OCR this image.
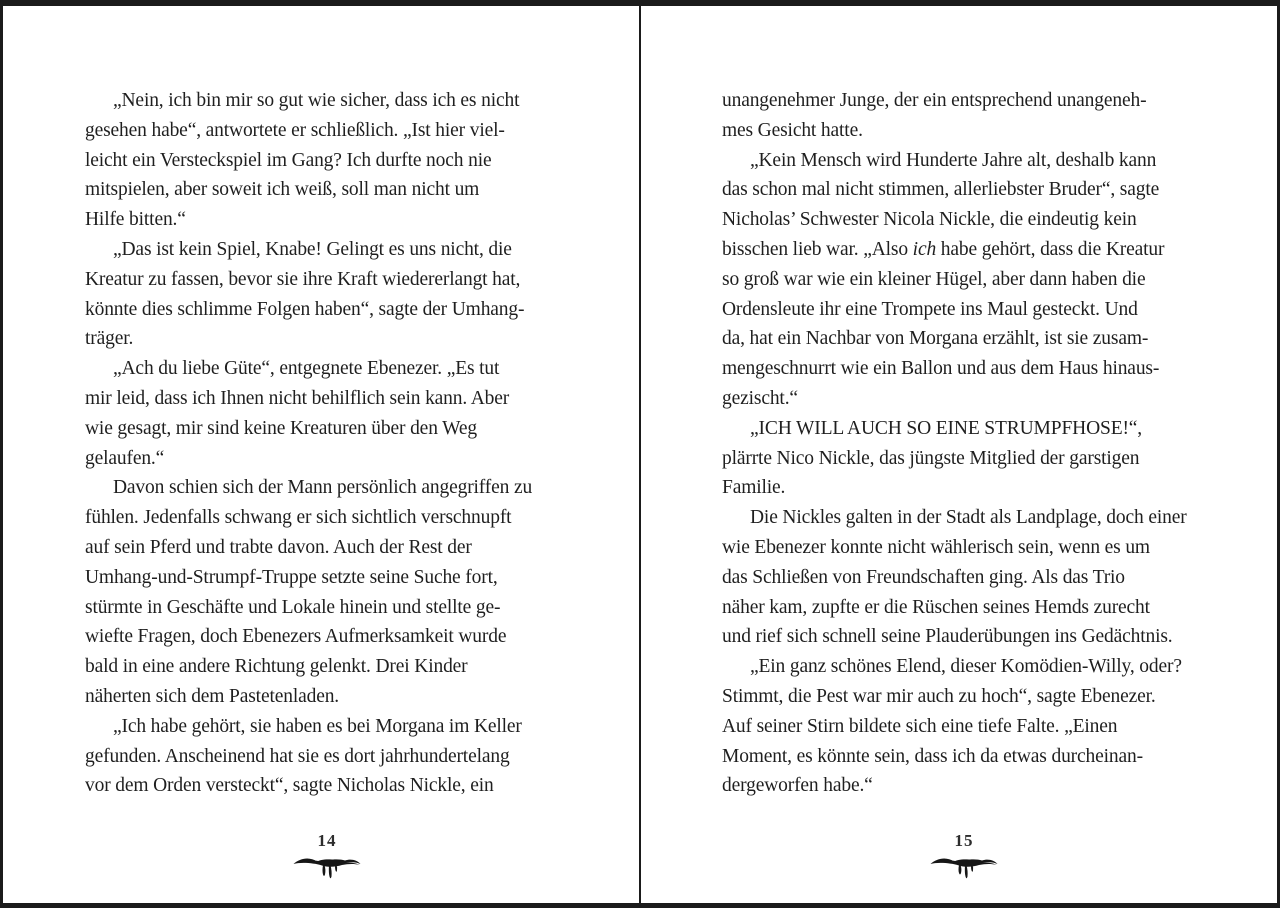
„Nein, ich bin mir so gut wie sicher, dass ich es nicht
gesehen habe“, antwortete er schließlich. „Ist hier viel-
leicht ein Versteckspiel im Gang? Ich durfte noch nie
mitspielen, aber soweit ich weiß, soll man nicht um
Hilfe bitten.“
„Das ist kein Spiel, Knabe! Gelingt es uns nicht, die
Kreatur zu fassen, bevor sie ihre Kraft wiedererlangt hat,
könnte dies schlimme Folgen haben“, sagte der Umhang-
träger.
„Ach du liebe Güte“, entgegnete Ebenezer. „Es tut
mir leid, dass ich Ihnen nicht behilflich sein kann. Aber
wie gesagt, mir sind keine Kreaturen über den Weg
gelaufen.“
Davon schien sich der Mann persönlich angegriffen zu
fühlen. Jedenfalls schwang er sich sichtlich verschnupft
auf sein Pferd und trabte davon. Auch der Rest der
Umhang-und-Strumpf-Truppe setzte seine Suche fort,
stürmte in Geschäfte und Lokale hinein und stellte ge-
wiefte Fragen, doch Ebenezers Aufmerksamkeit wurde
bald in eine andere Richtung gelenkt. Drei Kinder
näherten sich dem Pastetenladen.
„Ich habe gehört, sie haben es bei Morgana im Keller
gefunden. Anscheinend hat sie es dort jahrhundertelang
vor dem Orden versteckt“, sagte Nicholas Nickle, ein
14
unangenehmer Junge, der ein entsprechend unangeneh-
mes Gesicht hatte.
„Kein Mensch wird Hunderte Jahre alt, deshalb kann
das schon mal nicht stimmen, allerliebster Bruder“, sagte
Nicholas’ Schwester Nicola Nickle, die eindeutig kein
bisschen lieb war. „Also ich habe gehört, dass die Kreatur
so groß war wie ein kleiner Hügel, aber dann haben die
Ordensleute ihr eine Trompete ins Maul gesteckt. Und
da, hat ein Nachbar von Morgana erzählt, ist sie zusam-
mengeschnurrt wie ein Ballon und aus dem Haus hinaus-
gezischt.“
„ICH WILL AUCH SO EINE STRUMPFHOSE!“,
plärrte Nico Nickle, das jüngste Mitglied der garstigen
Familie.
Die Nickles galten in der Stadt als Landplage, doch einer
wie Ebenezer konnte nicht wählerisch sein, wenn es um
das Schließen von Freundschaften ging. Als das Trio
näher kam, zupfte er die Rüschen seines Hemds zurecht
und rief sich schnell seine Plauderübungen ins Gedächtnis.
„Ein ganz schönes Elend, dieser Komödien-Willy, oder?
Stimmt, die Pest war mir auch zu hoch“, sagte Ebenezer.
Auf seiner Stirn bildete sich eine tiefe Falte. „Einen
Moment, es könnte sein, dass ich da etwas durcheinan-
dergeworfen habe.“
15
